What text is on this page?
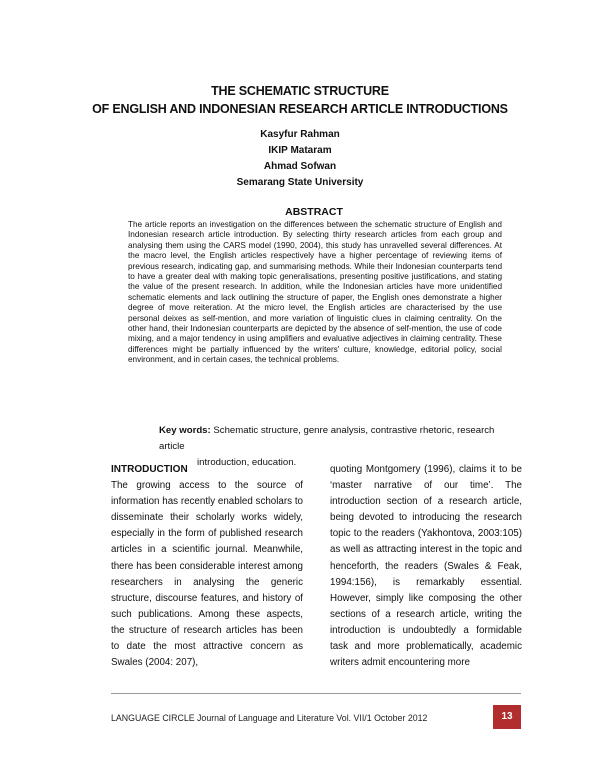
THE SCHEMATIC STRUCTURE
OF ENGLISH AND INDONESIAN RESEARCH ARTICLE INTRODUCTIONS
Kasyfur Rahman
IKIP Mataram
Ahmad Sofwan
Semarang State University
ABSTRACT
The article reports an investigation on the differences between the schematic structure of English and Indonesian research article introduction. By selecting thirty research articles from each group and analysing them using the CARS model (1990, 2004), this study has unravelled several differences. At the macro level, the English articles respectively have a higher percentage of reviewing items of previous research, indicating gap, and summarising methods. While their Indonesian counterparts tend to have a greater deal with making topic generalisations, presenting positive justifications, and stating the value of the present research. In addition, while the Indonesian articles have more unidentified schematic elements and lack outlining the structure of paper, the English ones demonstrate a higher degree of move reiteration. At the micro level, the English articles are characterised by the use personal deixes as self-mention, and more variation of linguistic clues in claiming centrality. On the other hand, their Indonesian counterparts are depicted by the absence of self-mention, the use of code mixing, and a major tendency in using amplifiers and evaluative adjectives in claiming centrality. These differences might be partially influenced by the writers' culture, knowledge, editorial policy, social environment, and in certain cases, the technical problems.
Key words: Schematic structure, genre analysis, contrastive rhetoric, research article
introduction, education.
INTRODUCTION
The growing access to the source of information has recently enabled scholars to disseminate their scholarly works widely, especially in the form of published research articles in a scientific journal. Meanwhile, there has been considerable interest among researchers in analysing the generic structure, discourse features, and history of such publications. Among these aspects, the structure of research articles has been to date the most attractive concern as Swales (2004: 207),
quoting Montgomery (1996), claims it to be ‘master narrative of our time’. The introduction section of a research article, being devoted to introducing the research topic to the readers (Yakhontova, 2003:105) as well as attracting interest in the topic and henceforth, the readers (Swales & Feak, 1994:156), is remarkably essential. However, simply like composing the other sections of a research article, writing the introduction is undoubtedly a formidable task and more problematically, academic writers admit encountering more
LANGUAGE CIRCLE Journal of Language and Literature Vol. VII/1 October 2012	13
